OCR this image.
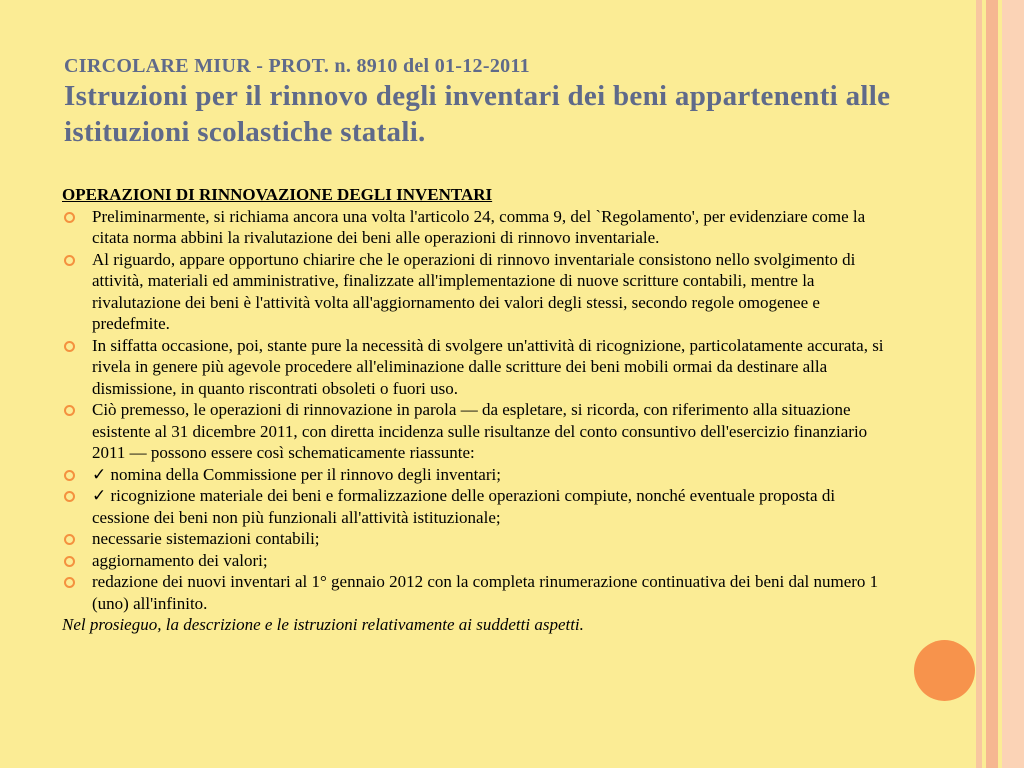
CIRCOLARE MIUR - PROT. n. 8910 del 01-12-2011
Istruzioni per il rinnovo degli inventari dei beni appartenenti alle istituzioni scolastiche statali.

OPERAZIONI DI RINNOVAZIONE DEGLI INVENTARI

Preliminarmente, si richiama ancora una volta l'articolo 24, comma 9, del `Regolamento', per evidenziare come la citata norma abbini la rivalutazione dei beni alle operazioni di rinnovo inventariale.
Al riguardo, appare opportuno chiarire che le operazioni di rinnovo inventariale consistono nello svolgimento di attività, materiali ed amministrative, finalizzate all'implementazione di nuove scritture contabili, mentre la rivalutazione dei beni è l'attività volta all'aggiornamento dei valori degli stessi, secondo regole omogenee e predefmite.
In siffatta occasione, poi, stante pure la necessità di svolgere un'attività di ricognizione, particolatamente accurata, si rivela in genere più agevole procedere all'eliminazione dalle scritture dei beni mobili ormai da destinare alla dismissione, in quanto riscontrati obsoleti o fuori uso.
Ciò premesso, le operazioni di rinnovazione in parola — da espletare, si ricorda, con riferimento alla situazione esistente al 31 dicembre 2011, con diretta incidenza sulle risultanze del conto consuntivo dell'esercizio finanziario 2011 — possono essere così schematicamente riassunte:
✓ nomina della Commissione per il rinnovo degli inventari;
✓ ricognizione materiale dei beni e formalizzazione delle operazioni compiute, nonché eventuale proposta di cessione dei beni non più funzionali all'attività istituzionale;
necessarie sistemazioni contabili;
aggiornamento dei valori;
redazione dei nuovi inventari al 1° gennaio 2012 con la completa rinumerazione continuativa dei beni dal numero 1 (uno) all'infinito.

Nel prosieguo, la descrizione e le istruzioni relativamente ai suddetti aspetti.
